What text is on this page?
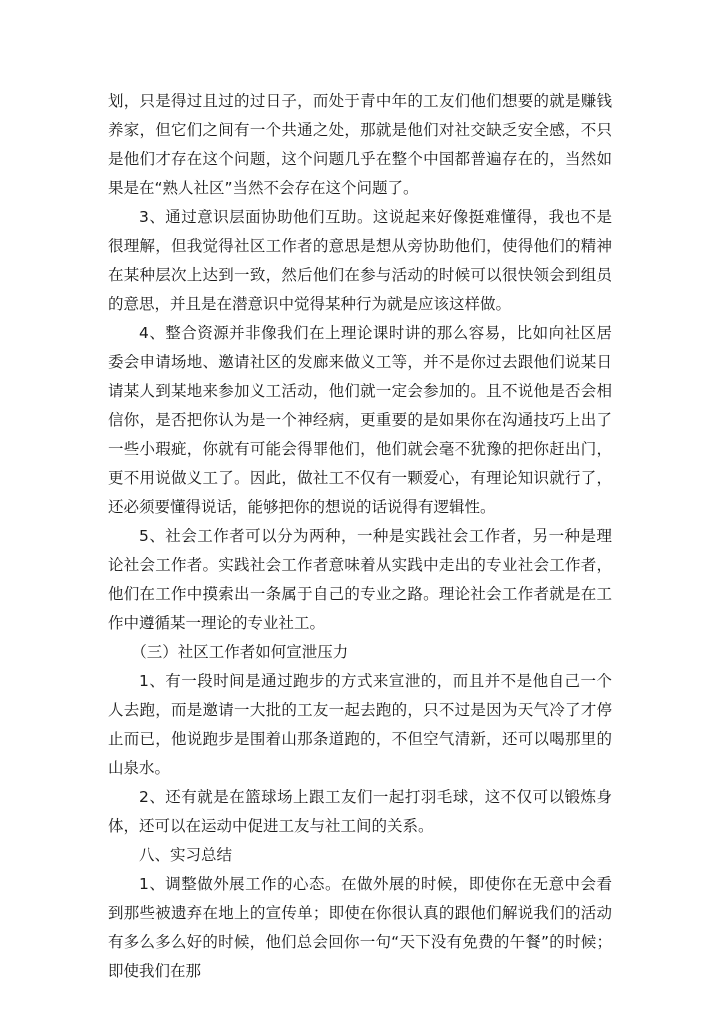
划，只是得过且过的过日子，而处于青中年的工友们他们想要的就是赚钱养家，但它们之间有一个共通之处，那就是他们对社交缺乏安全感，不只是他们才存在这个问题，这个问题几乎在整个中国都普遍存在的，当然如果是在“熟人社区”当然不会存在这个问题了。

3、通过意识层面协助他们互助。这说起来好像挺难懂得，我也不是很理解，但我觉得社区工作者的意思是想从旁协助他们，使得他们的精神在某种层次上达到一致，然后他们在参与活动的时候可以很快领会到组员的意思，并且是在潜意识中觉得某种行为就是应该这样做。

4、整合资源并非像我们在上理论课时讲的那么容易，比如向社区居委会申请场地、邀请社区的发廊来做义工等，并不是你过去跟他们说某日请某人到某地来参加义工活动，他们就一定会参加的。且不说他是否会相信你，是否把你认为是一个神经病，更重要的是如果你在沟通技巧上出了一些小瑕疵，你就有可能会得罪他们，他们就会毫不犹豫的把你赶出门，更不用说做义工了。因此，做社工不仅有一颗爱心，有理论知识就行了，还必须要懂得说话，能够把你的想说的话说得有逻辑性。

5、社会工作者可以分为两种，一种是实践社会工作者，另一种是理论社会工作者。实践社会工作者意味着从实践中走出的专业社会工作者，他们在工作中摸索出一条属于自己的专业之路。理论社会工作者就是在工作中遵循某一理论的专业社工。

（三）社区工作者如何宣泄压力

1、有一段时间是通过跑步的方式来宣泄的，而且并不是他自己一个人去跑，而是邀请一大批的工友一起去跑的，只不过是因为天气冷了才停止而已，他说跑步是围着山那条道跑的，不但空气清新，还可以喝那里的山泉水。

2、还有就是在篮球场上跟工友们一起打羽毛球，这不仅可以锻炼身体，还可以在运动中促进工友与社工间的关系。

八、实习总结

1、调整做外展工作的心态。在做外展的时候，即使你在无意中会看到那些被遗弃在地上的宣传单；即使在你很认真的跟他们解说我们的活动有多么多么好的时候，他们总会回你一句“天下没有免费的午餐”的时候；即使我们在那
